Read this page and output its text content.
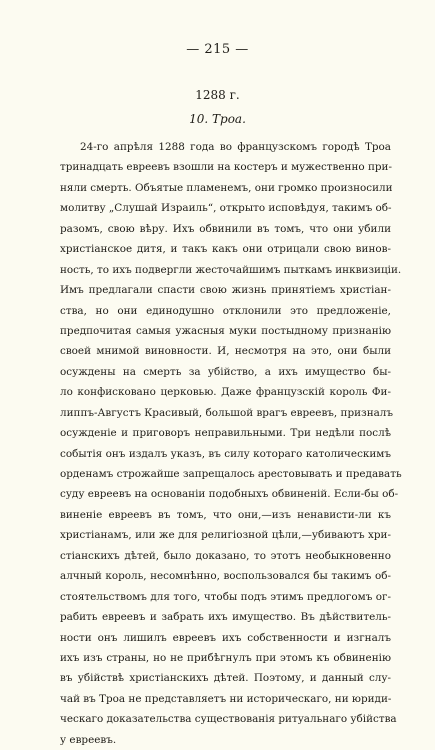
— 215 —
1288 г.
10. Троа.
24-го апрѣля 1288 года во французскомъ городѣ Троа
тринадцать евреевъ взошли на костеръ и мужественно при-
няли смерть. Объятые пламенемъ, они громко произносили
молитву „Слушай Израиль“, открыто исповѣдуя, такимъ об-
разомъ, свою вѣру. Ихъ обвинили въ томъ, что они убили
христіанское дитя, и такъ какъ они отрицали свою винов-
ность, то ихъ подвергли жесточайшимъ пыткамъ инквизиціи.
Имъ предлагали спасти свою жизнь принятіемъ христіан-
ства, но они единодушно отклонили это предложеніе,
предпочитая самыя ужасныя муки постыдному признанію
своей мнимой виновности. И, несмотря на это, они были
осуждены на смерть за убійство, а ихъ имущество бы-
ло конфисковано церковью. Даже французскій король Фи-
липпъ-Августъ Красивый, большой врагъ евреевъ, призналъ
осужденіе и приговоръ неправильными. Три недѣли послѣ
событія онъ издалъ указъ, въ силу котораго католическимъ
орденамъ строжайше запрещалось арестовывать и предавать
суду евреевъ на основаніи подобныхъ обвиненій. Если-бы об-
виненіе евреевъ въ томъ, что они,—изъ ненависти-ли къ
христіанамъ, или же для религіозной цѣли,—убиваютъ хри-
стіанскихъ дѣтей, было доказано, то этотъ необыкновенно
алчный король, несомнѣнно, воспользовался бы такимъ об-
стоятельствомъ для того, чтобы подъ этимъ предлогомъ ог-
рабить евреевъ и забрать ихъ имущество. Въ дѣйствитель-
ности онъ лишилъ евреевъ ихъ собственности и изгналъ
ихъ изъ страны, но не прибѣгнулъ при этомъ къ обвиненію
въ убійствѣ христіанскихъ дѣтей. Поэтому, и данный слу-
чай въ Троа не представляетъ ни историческаго, ни юриди-
ческаго доказательства существованія ритуальнаго убійства
у евреевъ.
